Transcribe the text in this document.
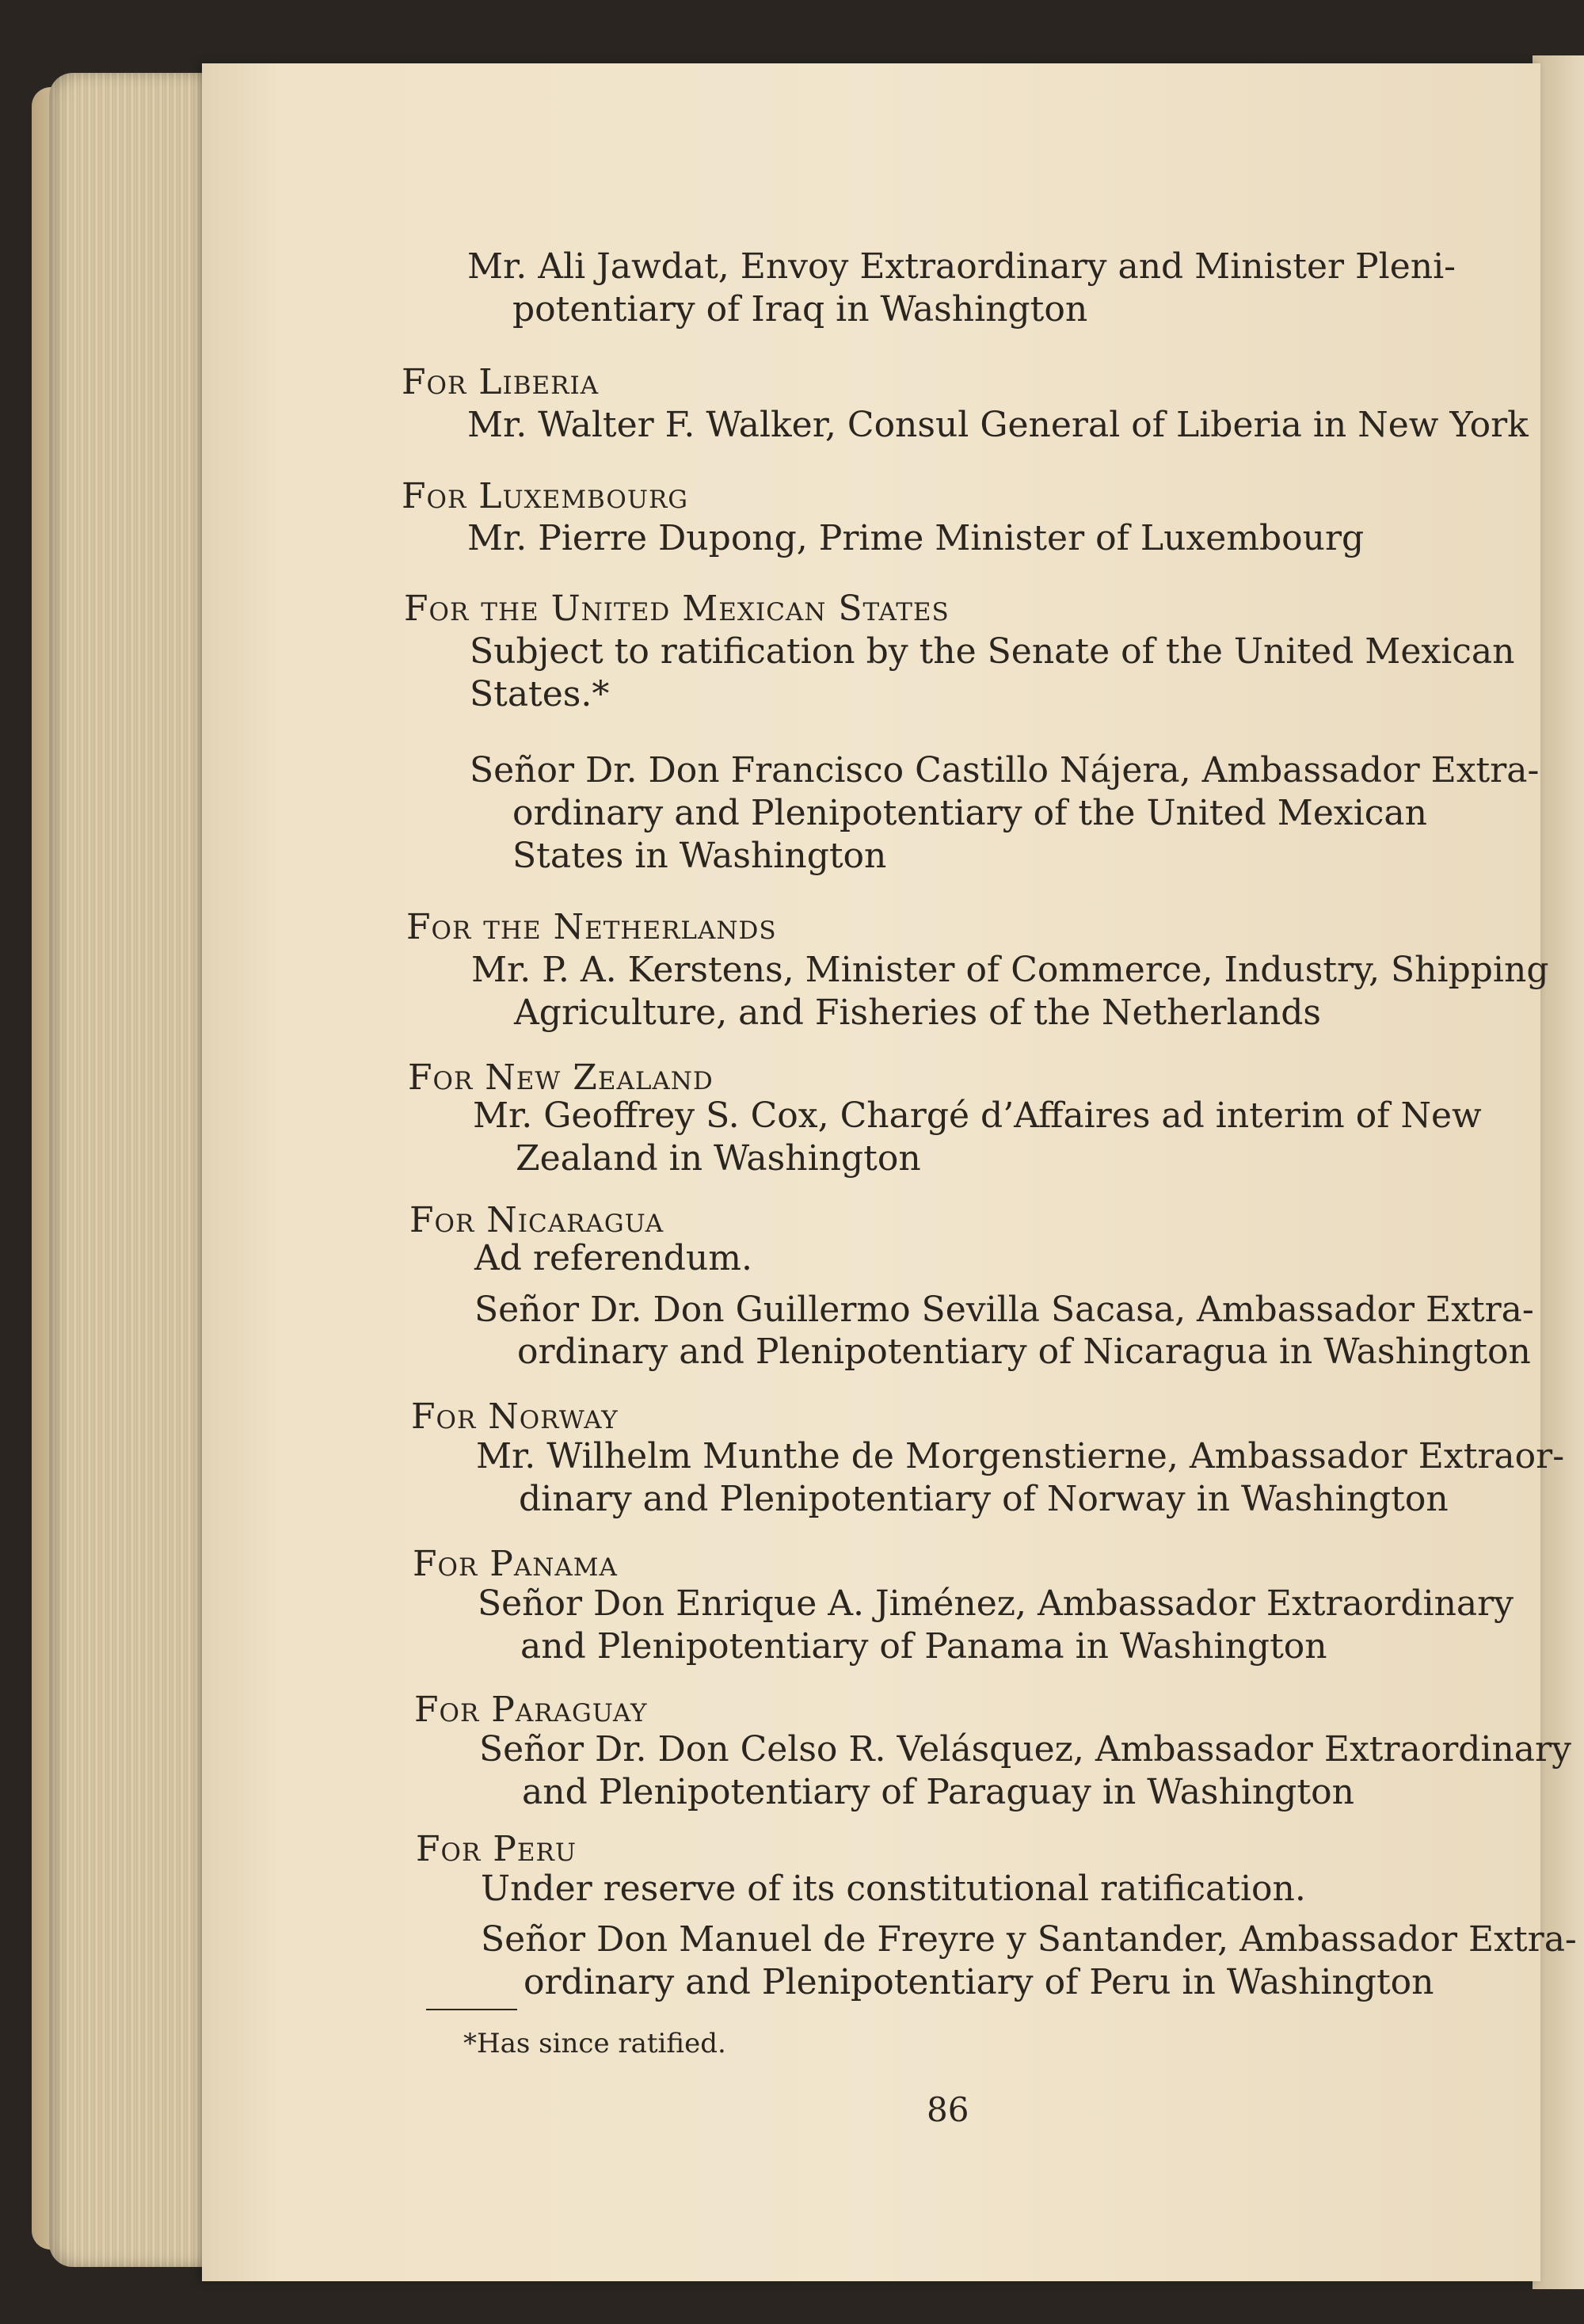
Mr. Ali Jawdat, Envoy Extraordinary and Minister Pleni-
potentiary of Iraq in Washington
For Liberia
Mr. Walter F. Walker, Consul General of Liberia in New York
For Luxembourg
Mr. Pierre Dupong, Prime Minister of Luxembourg
For the United Mexican States
Subject to ratification by the Senate of the United Mexican
States.*
Señor Dr. Don Francisco Castillo Nájera, Ambassador Extra-
ordinary and Plenipotentiary of the United Mexican
States in Washington
For the Netherlands
Mr. P. A. Kerstens, Minister of Commerce, Industry, Shipping
Agriculture, and Fisheries of the Netherlands
For New Zealand
Mr. Geoffrey S. Cox, Chargé d’Affaires ad interim of New
Zealand in Washington
For Nicaragua
Ad referendum.
Señor Dr. Don Guillermo Sevilla Sacasa, Ambassador Extra-
ordinary and Plenipotentiary of Nicaragua in Washington
For Norway
Mr. Wilhelm Munthe de Morgenstierne, Ambassador Extraor-
dinary and Plenipotentiary of Norway in Washington
For Panama
Señor Don Enrique A. Jiménez, Ambassador Extraordinary
and Plenipotentiary of Panama in Washington
For Paraguay
Señor Dr. Don Celso R. Velásquez, Ambassador Extraordinary
and Plenipotentiary of Paraguay in Washington
For Peru
Under reserve of its constitutional ratification.
Señor Don Manuel de Freyre y Santander, Ambassador Extra-
ordinary and Plenipotentiary of Peru in Washington
*Has since ratified.
86
